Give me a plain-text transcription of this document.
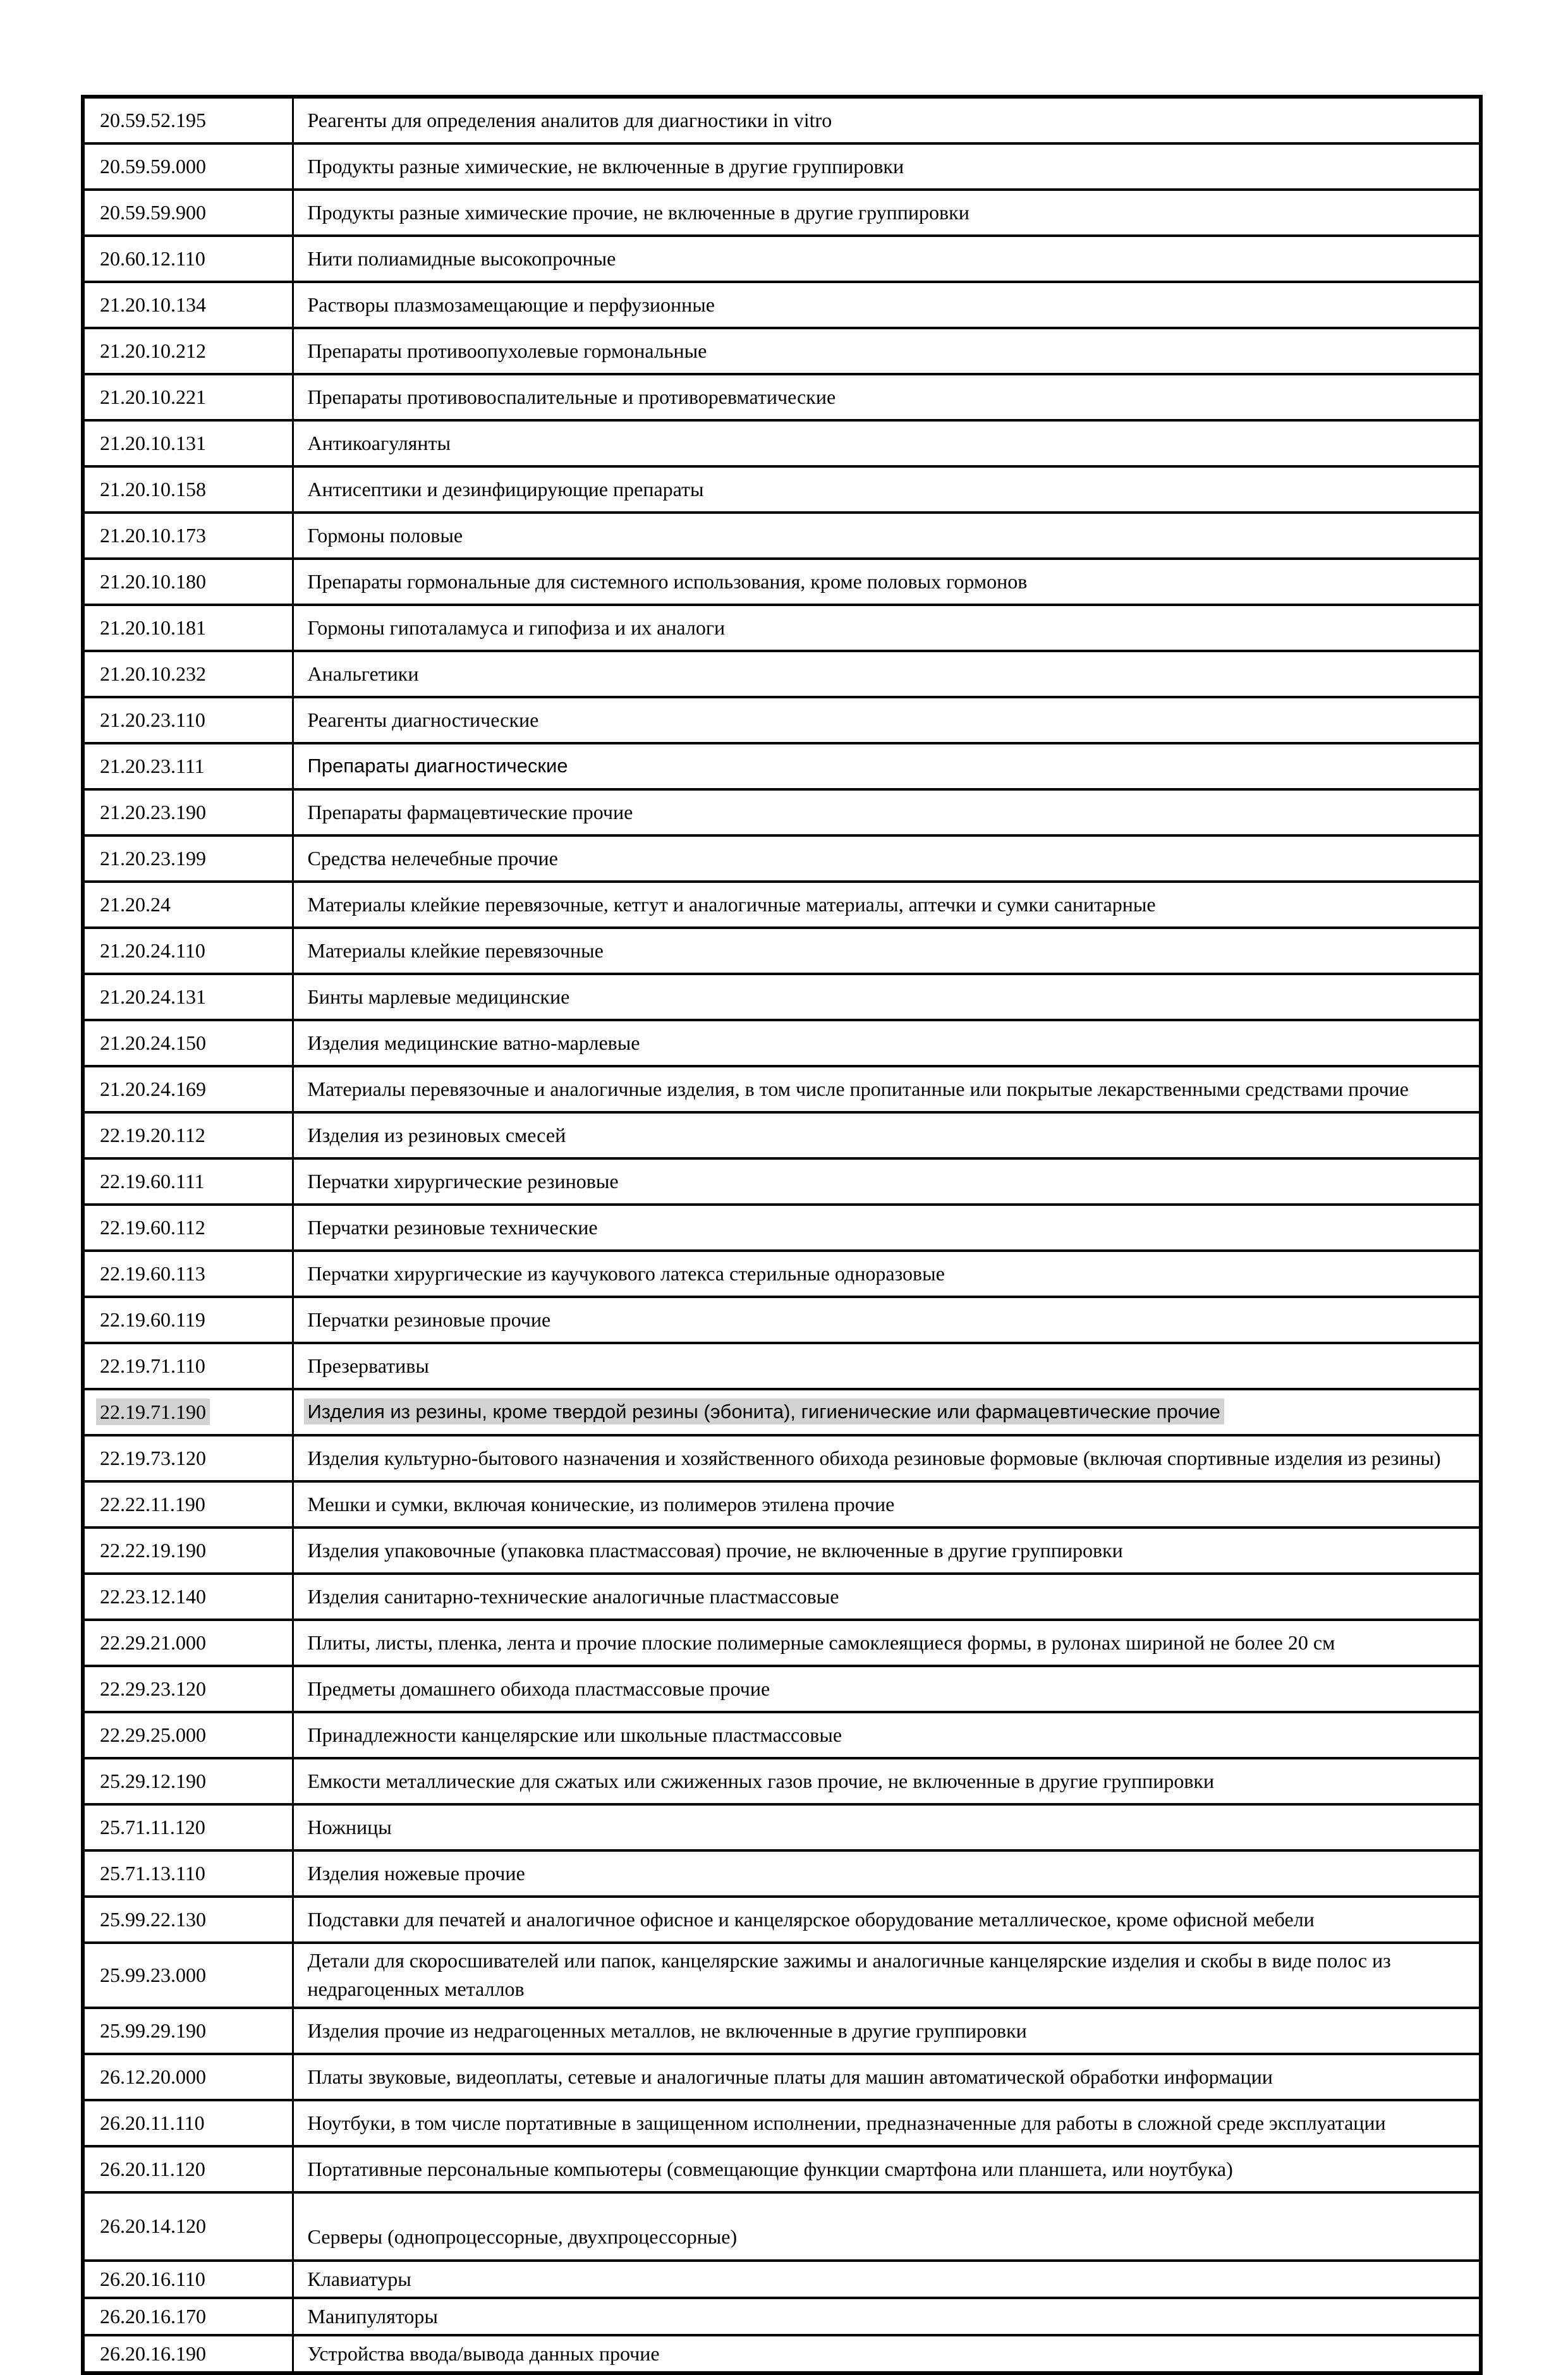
20.59.52.195	Реагенты для определения аналитов для диагностики in vitro
20.59.59.000	Продукты разные химические, не включенные в другие группировки
20.59.59.900	Продукты разные химические прочие, не включенные в другие группировки
20.60.12.110	Нити полиамидные высокопрочные
21.20.10.134	Растворы плазмозамещающие и перфузионные
21.20.10.212	Препараты противоопухолевые гормональные
21.20.10.221	Препараты противовоспалительные и противоревматические
21.20.10.131	Антикоагулянты
21.20.10.158	Антисептики и дезинфицирующие препараты
21.20.10.173	Гормоны половые
21.20.10.180	Препараты гормональные для системного использования, кроме половых гормонов
21.20.10.181	Гормоны гипоталамуса и гипофиза и их аналоги
21.20.10.232	Анальгетики
21.20.23.110	Реагенты диагностические
21.20.23.111	Препараты диагностические
21.20.23.190	Препараты фармацевтические прочие
21.20.23.199	Средства нелечебные прочие
21.20.24	Материалы клейкие перевязочные, кетгут и аналогичные материалы, аптечки и сумки санитарные
21.20.24.110	Материалы клейкие перевязочные
21.20.24.131	Бинты марлевые медицинские
21.20.24.150	Изделия медицинские ватно-марлевые
21.20.24.169	Материалы перевязочные и аналогичные изделия, в том числе пропитанные или покрытые лекарственными средствами прочие
22.19.20.112	Изделия из резиновых смесей
22.19.60.111	Перчатки хирургические резиновые
22.19.60.112	Перчатки резиновые технические
22.19.60.113	Перчатки хирургические из каучукового латекса стерильные одноразовые
22.19.60.119	Перчатки резиновые прочие
22.19.71.110	Презервативы
22.19.71.190	Изделия из резины, кроме твердой резины (эбонита), гигиенические или фармацевтические прочие
22.19.73.120	Изделия культурно-бытового назначения и хозяйственного обихода резиновые формовые (включая спортивные изделия из резины)
22.22.11.190	Мешки и сумки, включая конические, из полимеров этилена прочие
22.22.19.190	Изделия упаковочные (упаковка пластмассовая) прочие, не включенные в другие группировки
22.23.12.140	Изделия санитарно-технические аналогичные пластмассовые
22.29.21.000	Плиты, листы, пленка, лента и прочие плоские полимерные самоклеящиеся формы, в рулонах шириной не более 20 см
22.29.23.120	Предметы домашнего обихода пластмассовые прочие
22.29.25.000	Принадлежности канцелярские или школьные пластмассовые
25.29.12.190	Емкости металлические для сжатых или сжиженных газов прочие, не включенные в другие группировки
25.71.11.120	Ножницы
25.71.13.110	Изделия ножевые прочие
25.99.22.130	Подставки для печатей и аналогичное офисное и канцелярское оборудование металлическое, кроме офисной мебели
25.99.23.000	Детали для скоросшивателей или папок, канцелярские зажимы и аналогичные канцелярские изделия и скобы в виде полос из недрагоценных металлов
25.99.29.190	Изделия прочие из недрагоценных металлов, не включенные в другие группировки
26.12.20.000	Платы звуковые, видеоплаты, сетевые и аналогичные платы для машин автоматической обработки информации
26.20.11.110	Ноутбуки, в том числе портативные в защищенном исполнении, предназначенные для работы в сложной среде эксплуатации
26.20.11.120	Портативные персональные компьютеры (совмещающие функции смартфона или планшета, или ноутбука)
26.20.14.120	Серверы (однопроцессорные, двухпроцессорные)
26.20.16.110	Клавиатуры
26.20.16.170	Манипуляторы
26.20.16.190	Устройства ввода/вывода данных прочие
